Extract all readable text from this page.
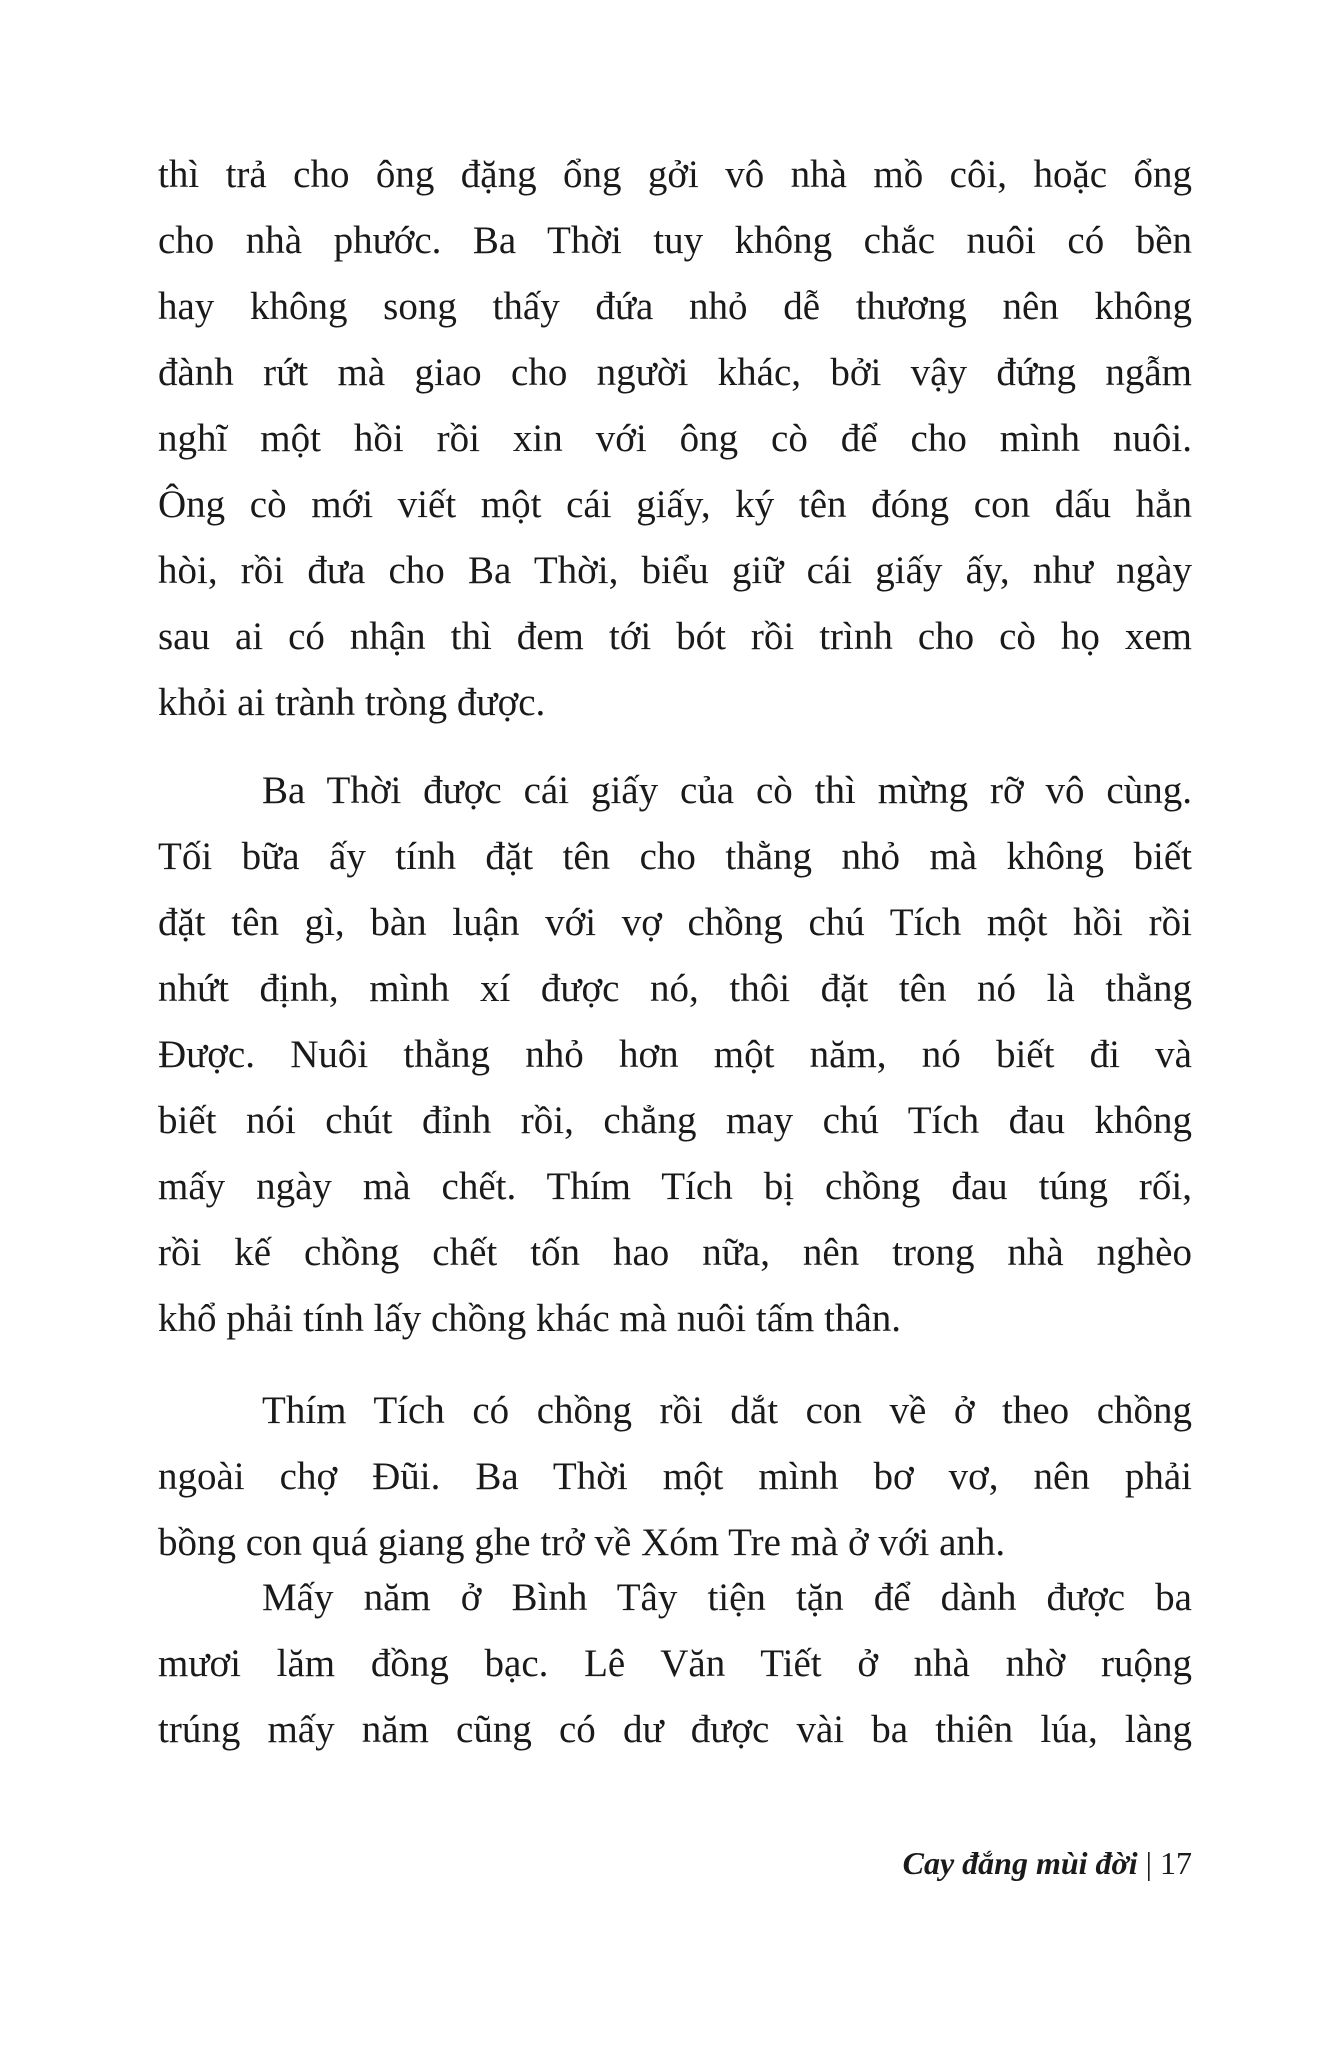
thì trả cho ông đặng ổng gởi vô nhà mồ côi, hoặc ổng
cho nhà phước. Ba Thời tuy không chắc nuôi có bền
hay không song thấy đứa nhỏ dễ thương nên không
đành rứt mà giao cho người khác, bởi vậy đứng ngẫm
nghĩ một hồi rồi xin với ông cò để cho mình nuôi.
Ông cò mới viết một cái giấy, ký tên đóng con dấu hẳn
hòi, rồi đưa cho Ba Thời, biểu giữ cái giấy ấy, như ngày
sau ai có nhận thì đem tới bót rồi trình cho cò họ xem
khỏi ai trành tròng được.
Ba Thời được cái giấy của cò thì mừng rỡ vô cùng.
Tối bữa ấy tính đặt tên cho thằng nhỏ mà không biết
đặt tên gì, bàn luận với vợ chồng chú Tích một hồi rồi
nhứt định, mình xí được nó, thôi đặt tên nó là thằng
Được. Nuôi thằng nhỏ hơn một năm, nó biết đi và
biết nói chút đỉnh rồi, chẳng may chú Tích đau không
mấy ngày mà chết. Thím Tích bị chồng đau túng rối,
rồi kế chồng chết tốn hao nữa, nên trong nhà nghèo
khổ phải tính lấy chồng khác mà nuôi tấm thân.
Thím Tích có chồng rồi dắt con về ở theo chồng
ngoài chợ Đũi. Ba Thời một mình bơ vơ, nên phải
bồng con quá giang ghe trở về Xóm Tre mà ở với anh.
Mấy năm ở Bình Tây tiện tặn để dành được ba
mươi lăm đồng bạc. Lê Văn Tiết ở nhà nhờ ruộng
trúng mấy năm cũng có dư được vài ba thiên lúa, làng
Cay đắng mùi đời | 17
